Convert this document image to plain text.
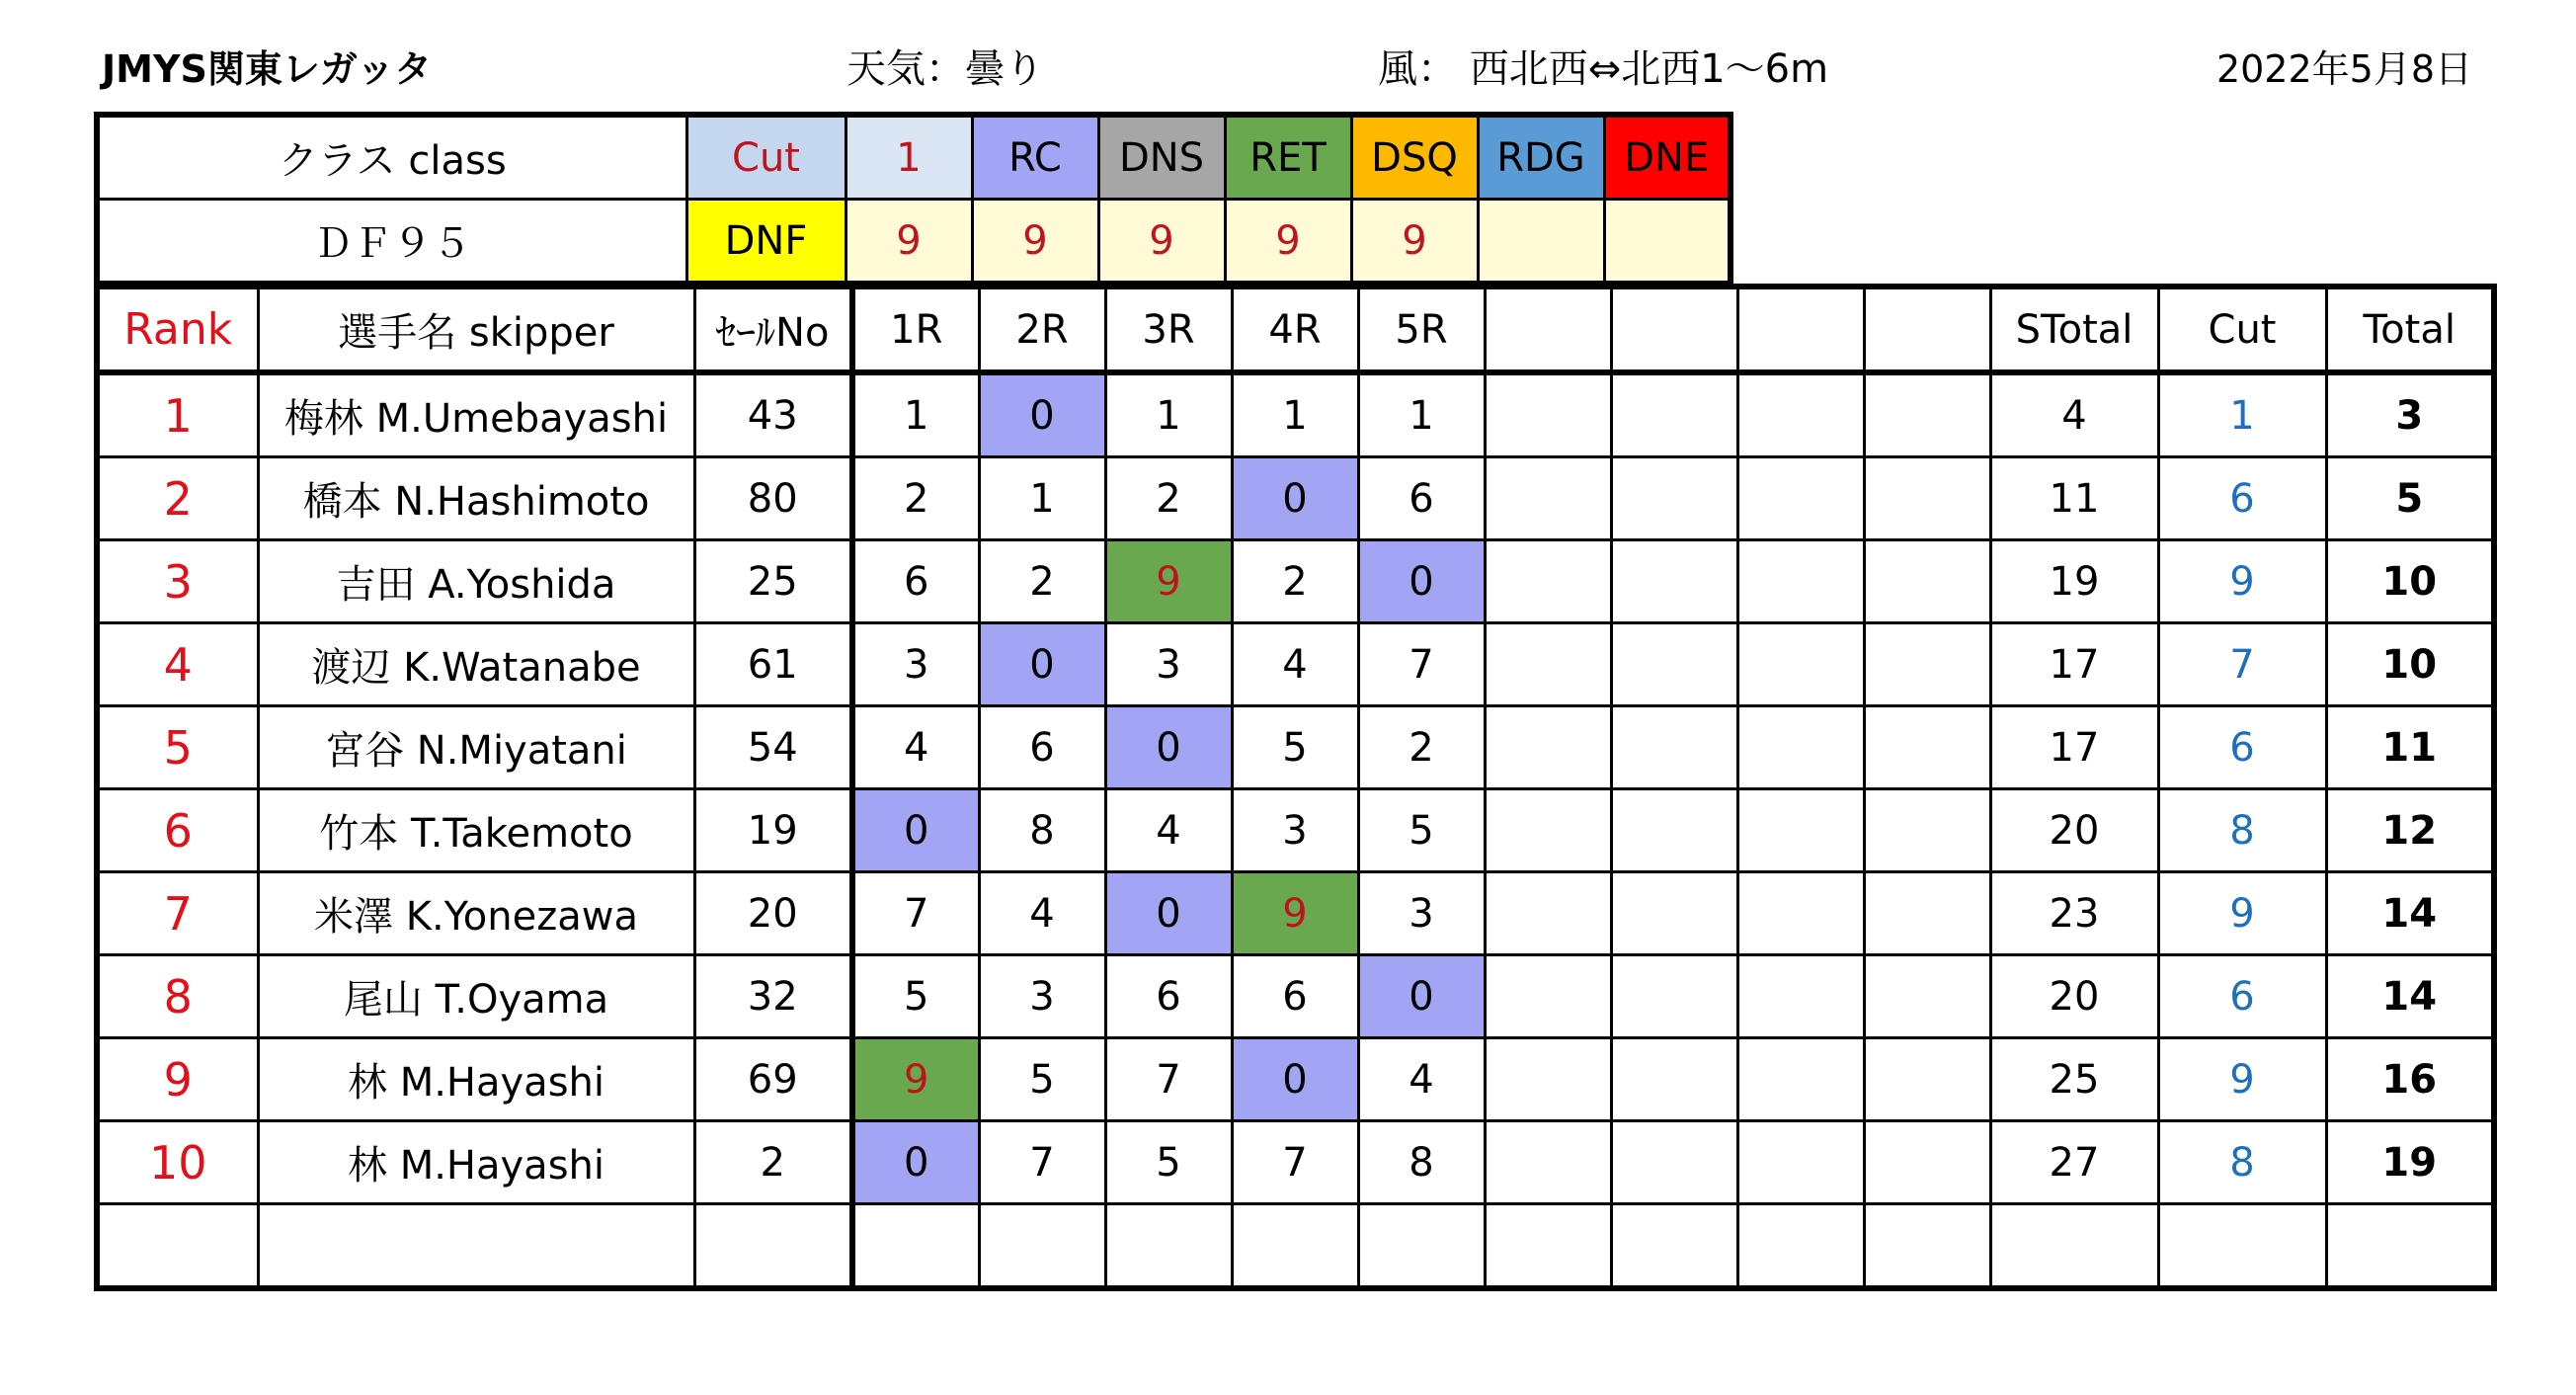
JMYS関東レガッタ	天気：曇り	風： 西北西⇔北西1～6m	2022年5月8日
クラス class	Cut	1	RC	DNS	RET	DSQ	RDG	DNE
ＤＦ９５	DNF	9	9	9	9	9		
Rank	選手名 skipper	ｾｰﾙNo	1R	2R	3R	4R	5R					STotal	Cut	Total
1	梅林 M.Umebayashi	43	1	0	1	1	1					4	1	3
2	橋本 N.Hashimoto	80	2	1	2	0	6					11	6	5
3	吉田 A.Yoshida	25	6	2	9	2	0					19	9	10
4	渡辺 K.Watanabe	61	3	0	3	4	7					17	7	10
5	宮谷 N.Miyatani	54	4	6	0	5	2					17	6	11
6	竹本 T.Takemoto	19	0	8	4	3	5					20	8	12
7	米澤 K.Yonezawa	20	7	4	0	9	3					23	9	14
8	尾山 T.Oyama	32	5	3	6	6	0					20	6	14
9	林 M.Hayashi	69	9	5	7	0	4					25	9	16
10	林 M.Hayashi	2	0	7	5	7	8					27	8	19
